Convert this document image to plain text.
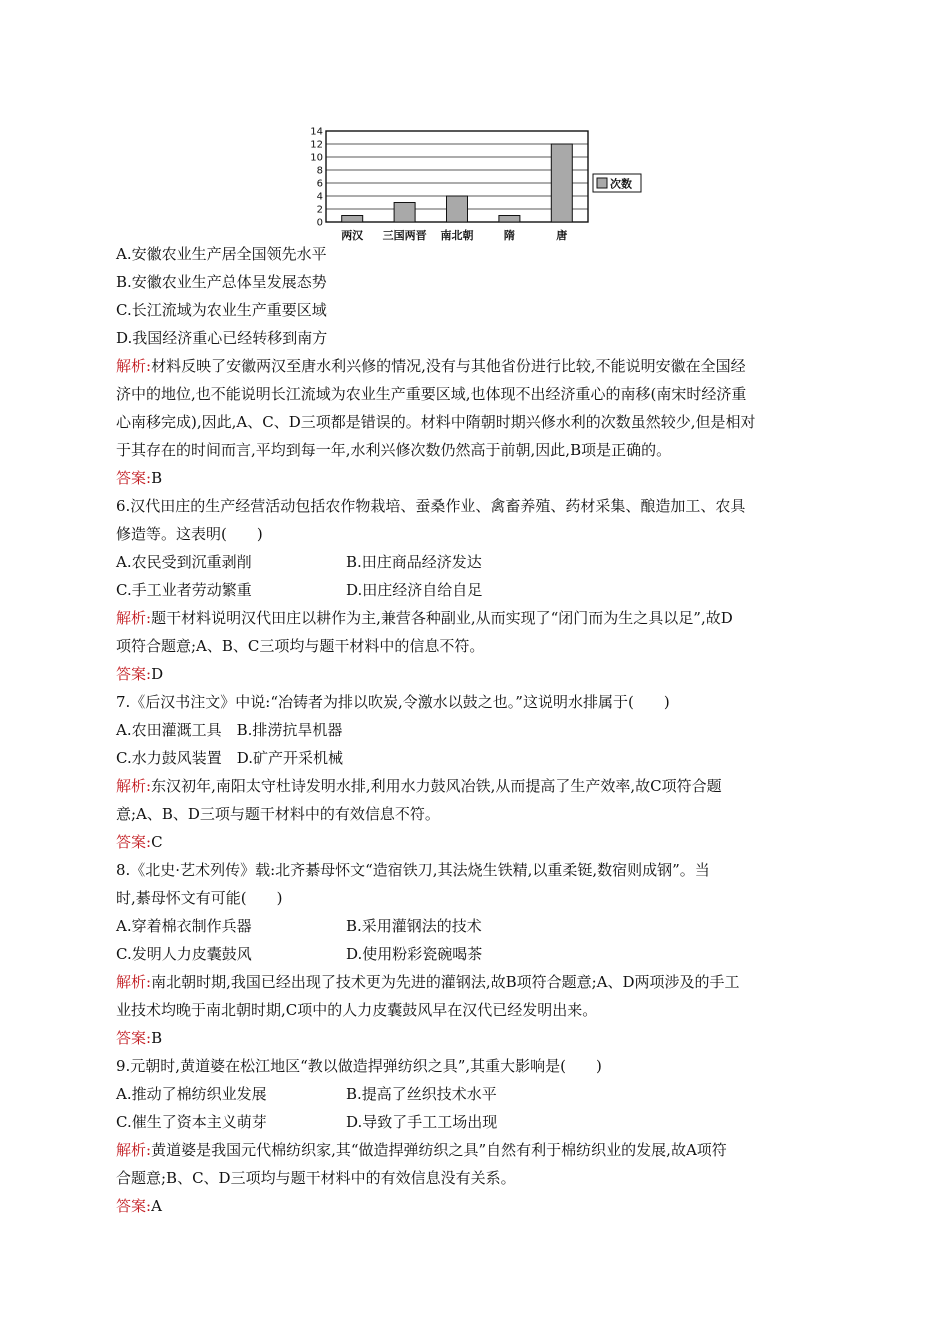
0
2
4
6
8
10
12
14
两汉 三国两晋 南北朝	隋	唐
次数
A.安徽农业生产居全国领先水平
B.安徽农业生产总体呈发展态势
C.长江流域为农业生产重要区域
D.我国经济重心已经转移到南方
解析:材料反映了安徽两汉至唐水利兴修的情况,没有与其他省份进行比较,不能说明安徽在全国经
济中的地位,也不能说明长江流域为农业生产重要区域,也体现不出经济重心的南移(南宋时经济重
心南移完成),因此,A、C、D三项都是错误的。材料中隋朝时期兴修水利的次数虽然较少,但是相对
于其存在的时间而言,平均到每一年,水利兴修次数仍然高于前朝,因此,B项是正确的。
答案:B
6.汉代田庄的生产经营活动包括农作物栽培、蚕桑作业、禽畜养殖、药材采集、酿造加工、农具
修造等。这表明(　　)
A.农民受到沉重剥削	B.田庄商品经济发达
C.手工业者劳动繁重	D.田庄经济自给自足
解析:题干材料说明汉代田庄以耕作为主,兼营各种副业,从而实现了“闭门而为生之具以足”,故D
项符合题意;A、B、C三项均与题干材料中的信息不符。
答案:D
7.《后汉书注文》中说:“冶铸者为排以吹炭,令激水以鼓之也。”这说明水排属于(　　)
A.农田灌溉工具　B.排涝抗旱机器
C.水力鼓风装置　D.矿产开采机械
解析:东汉初年,南阳太守杜诗发明水排,利用水力鼓风冶铁,从而提高了生产效率,故C项符合题
意;A、B、D三项与题干材料中的有效信息不符。
答案:C
8.《北史·艺术列传》载:北齐綦母怀文“造宿铁刀,其法烧生铁精,以重柔铤,数宿则成钢”。当
时,綦母怀文有可能(　　)
A.穿着棉衣制作兵器	B.采用灌钢法的技术
C.发明人力皮囊鼓风	D.使用粉彩瓷碗喝茶
解析:南北朝时期,我国已经出现了技术更为先进的灌钢法,故B项符合题意;A、D两项涉及的手工
业技术均晚于南北朝时期,C项中的人力皮囊鼓风早在汉代已经发明出来。
答案:B
9.元朝时,黄道婆在松江地区“教以做造捍弹纺织之具”,其重大影响是(　　)
A.推动了棉纺织业发展	B.提高了丝织技术水平
C.催生了资本主义萌芽	D.导致了手工工场出现
解析:黄道婆是我国元代棉纺织家,其“做造捍弹纺织之具”自然有利于棉纺织业的发展,故A项符
合题意;B、C、D三项均与题干材料中的有效信息没有关系。
答案:A
